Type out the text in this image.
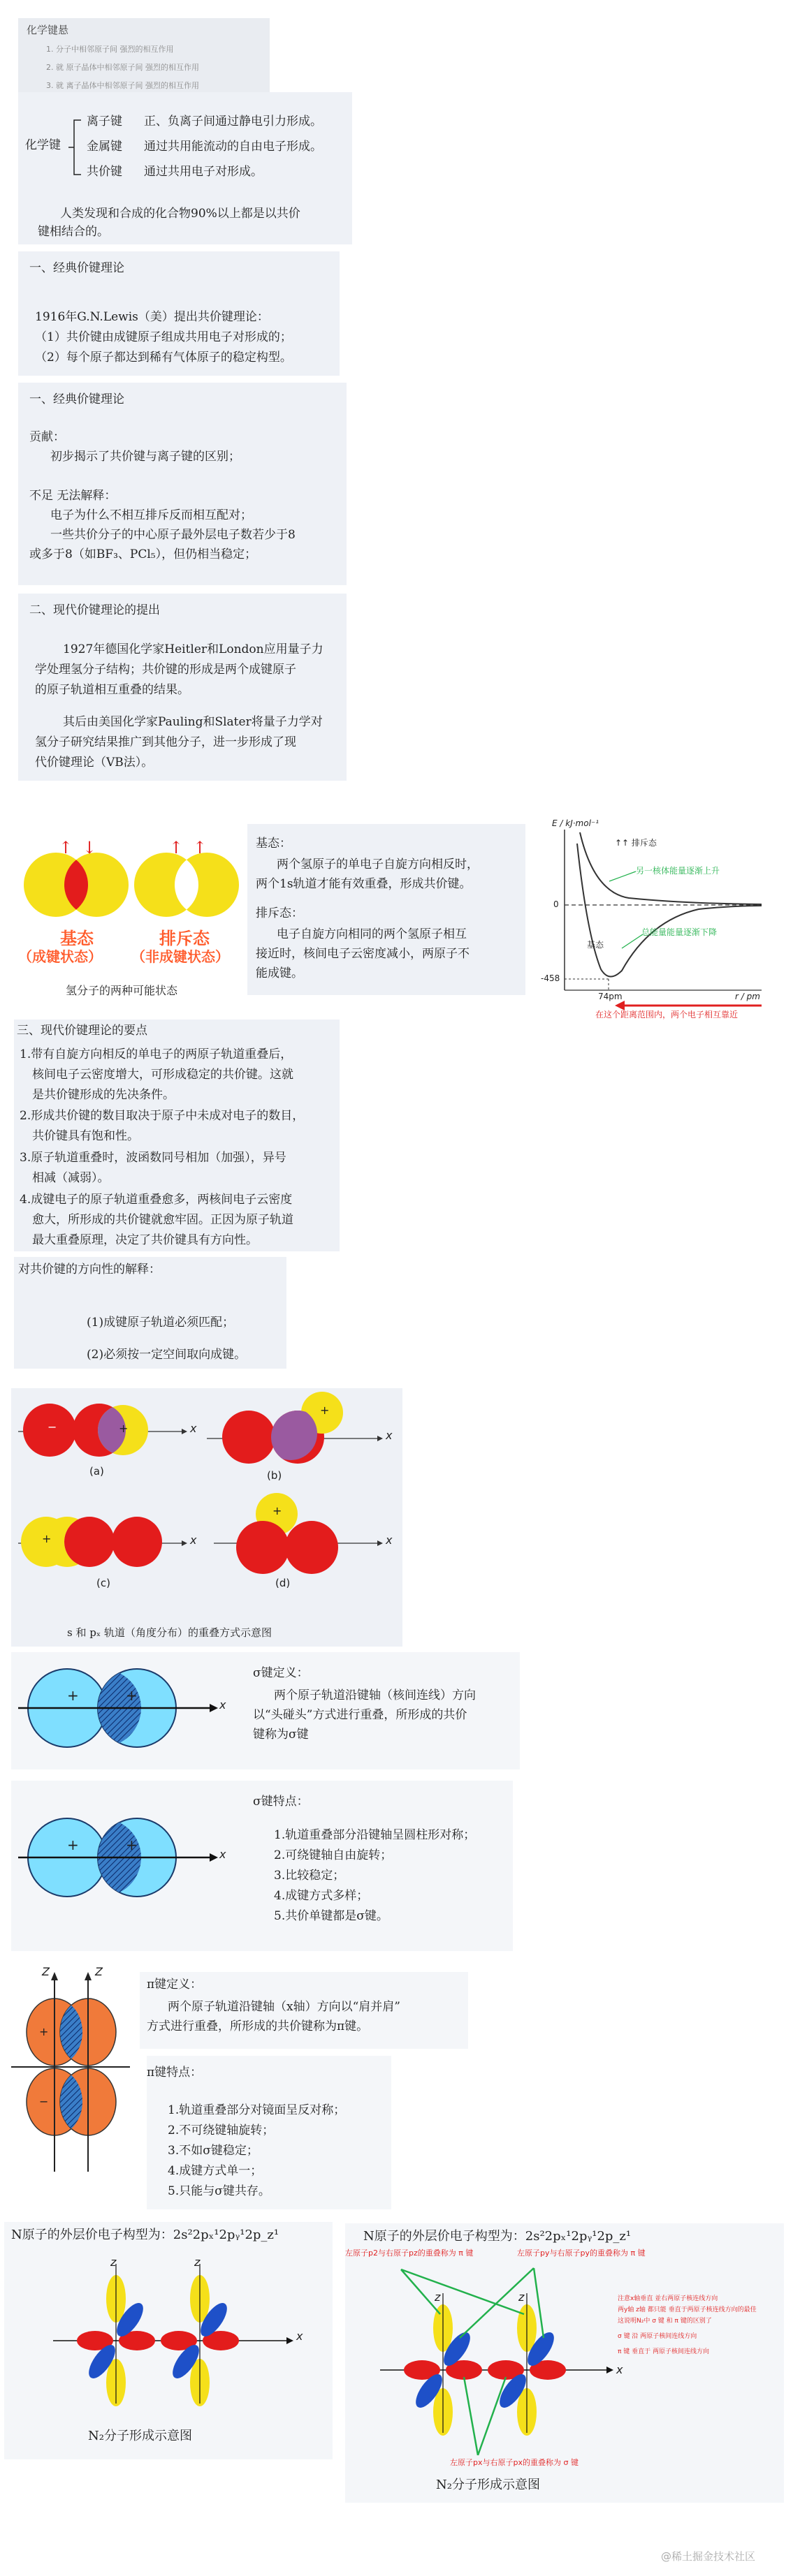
化学键悬
1. 分子中相邻原子间 强烈的相互作用
2. 就 原子晶体中相邻原子间 强烈的相互作用
3. 就 离子晶体中相邻原子间 强烈的相互作用
化学键
离子键 正、负离子间通过静电引力形成。
金属键 通过共用能流动的自由电子形成。
共价键 通过共用电子对形成。
人类发现和合成的化合物90%以上都是以共价
键相结合的。
一、经典价键理论
1916年G.N.Lewis（美）提出共价键理论：
（1）共价键由成键原子组成共用电子对形成的；
（2）每个原子都达到稀有气体原子的稳定构型。
一、经典价键理论
贡献：
初步揭示了共价键与离子键的区别；
不足 无法解释：
电子为什么不相互排斥反而相互配对；
一些共价分子的中心原子最外层电子数若少于8
或多于8（如BF₃、PCl₅），但仍相当稳定；
二、现代价键理论的提出
1927年德国化学家Heitler和London应用量子力
学处理氢分子结构；共价键的形成是两个成键原子
的原子轨道相互重叠的结果。
其后由美国化学家Pauling和Slater将量子力学对
氢分子研究结果推广到其他分子，进一步形成了现
代价键理论（VB法）。
↑ ↓	↑ ↑
基态
（成键状态）
排斥态
（非成键状态）
氢分子的两种可能状态
基态：
两个氢原子的单电子自旋方向相反时，
两个1s轨道才能有效重叠，形成共价键。
排斥态：
电子自旋方向相同的两个氢原子相互
接近时，核间电子云密度减小，两原子不
能成键。
E / kJ·mol⁻¹
↑↑ 排斥态
另一核体能量逐渐上升
0
基态
总能量能量逐渐下降
-458
74pm	r / pm
在这个距离范围内，两个电子相互靠近
三、现代价键理论的要点
1.带有自旋方向相反的单电子的两原子轨道重叠后，
核间电子云密度增大，可形成稳定的共价键。这就
是共价键形成的先决条件。
2.形成共价键的数目取决于原子中未成对电子的数目，
共价键具有饱和性。
3.原子轨道重叠时，波函数同号相加（加强），异号
相减（减弱）。
4.成键电子的原子轨道重叠愈多，两核间电子云密度
愈大，所形成的共价键就愈牢固。正因为原子轨道
最大重叠原理，决定了共价键具有方向性。
对共价键的方向性的解释：
(1)成键原子轨道必须匹配；
(2)必须按一定空间取向成键。
(a)	(b)
(c)	(d)
x
x
x	x
+
−
+
+
+
s 和 pₓ 轨道（角度分布）的重叠方式示意图
+	+
x
σ键定义：
两个原子轨道沿键轴（核间连线）方向
以“头碰头”方式进行重叠，所形成的共价
键称为σ键
+	+
x
σ键特点：
1.轨道重叠部分沿键轴呈圆柱形对称；
2.可绕键轴自由旋转；
3.比较稳定；
4.成键方式多样；
5.共价单键都是σ键。
Z	Z
+
−
π键定义：
两个原子轨道沿键轴（x轴）方向以“肩并肩”
方式进行重叠，所形成的共价键称为π键。
π键特点：
1.轨道重叠部分对镜面呈反对称；
2.不可绕键轴旋转；
3.不如σ键稳定；
4.成键方式单一；
5.只能与σ键共存。
N原子的外层价电子构型为：2s²2pₓ¹2pᵧ¹2p_z¹
z	z
x
N₂分子形成示意图
N原子的外层价电子构型为：2s²2pₓ¹2pᵧ¹2p_z¹
左原子p2与右原子pz的重叠称为 π 键	左原子py与右原子py的重叠称为 π 键
注意x轴垂直 並右两原子核连线方向
两y轴 z轴 都只能 垂直于两原子核连线方向的最佳
这说明N₂中 σ 键 和 π 键的区别了
σ 键 沿 两原子核间连线方向
π 键 垂直于 两原子核间连线方向
z	z
x
左原子px与右原子px的重叠称为 σ 键
N₂分子形成示意图
@稀土掘金技术社区
